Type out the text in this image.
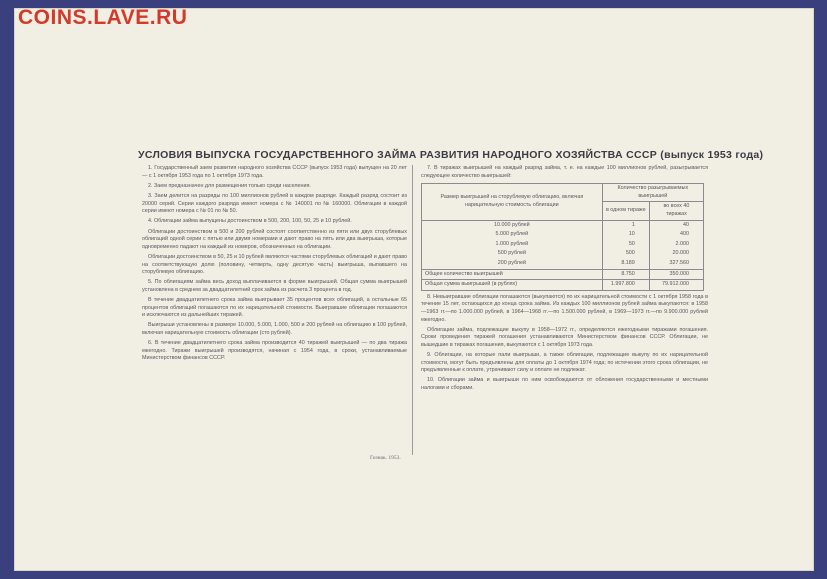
COINS.LAVE.RU
УСЛОВИЯ ВЫПУСКА ГОСУДАРСТВЕННОГО ЗАЙМА РАЗВИТИЯ НАРОДНОГО ХОЗЯЙСТВА СССР (выпуск 1953 года)

1. Государственный заем развития народного хозяйства СССР (выпуск 1953 года) выпущен на 20 лет — с 1 октября 1953 года по 1 октября 1973 года.

2. Заем предназначен для размещения только среди населения.

3. Заем делится на разряды по 100 миллионов рублей в каждом разряде. Каждый разряд состоит из 20000 серий. Серии каждого разряда имеют номера с № 140001 по № 160000. Облигации в каждой серии имеют номера с № 01 по № 50.

4. Облигации займа выпущены достоинством в 500, 200, 100, 50, 25 и 10 рублей.

Облигации достоинством в 500 и 200 рублей состоят соответственно из пяти или двух стоpублевых облигаций одной серии с пятью или двумя номерами и дают право на пять или два выигрыша, которые одновременно падают на каждый из номеров, обозначенных на облигации.

Облигации достоинством в 50, 25 и 10 рублей являются частями стоpублевых облигаций и дают право на соответствующую долю (половину, четверть, одну десятую часть) выигрыша, выпавшего на стоpублевую облигацию.

5. По облигациям займа весь доход выплачивается в форме выигрышей. Общая сумма выигрышей установлена в среднем за двадцатилетний срок займа из расчета 3 процента в год.

В течение двадцатилетнего срока займа выигрывает 35 процентов всех облигаций, а остальные 65 процентов облигаций погашаются по их нарицательной стоимости. Выигравшие облигации погашаются и исключаются из дальнейших тиражей.

Выигрыши установлены в размере 10.000, 5.000, 1.000, 500 и 200 рублей на облигацию в 100 рублей, включая нарицательную стоимость облигации (сто рублей).

6. В течение двадцатилетнего срока займа производится 40 тиражей выигрышей — по два тиража ежегодно. Тиражи выигрышей производятся, начиная с 1954 года, в сроки, устанавливаемые Министерством финансов СССР.

7. В тиражах выигрышей на каждый разряд займа, т. е. на каждые 100 миллионов рублей, разыгрывается следующее количество выигрышей:

Размер выигрышей на стоpублевую облигацию, включая нарицательную стоимость облигации	Количество разыгрываемых выигрышей	
	в одном тираже	во всех 40 тиражах
10.000 рублей	1	40
5.000 рублей	10	400
1.000 рублей	50	2.000
500 рублей	500	20.000
200 рублей	8.189	327.560
Общее количество выигрышей	8.750	350.000
Общая сумма выигрышей (в рублях)	1.997.800	79.912.000

8. Невыигравшие облигации погашаются (выкупаются) по их нарицательной стоимости с 1 октября 1958 года в течение 15 лет, остающихся до конца срока займа. Из каждых 100 миллионов рублей займа выкупаются: в 1958—1963 гг.—по 1.000.000 рублей, в 1964—1968 гг.—по 1.500.000 рублей, в 1969—1973 гг.—по 9.900.000 рублей ежегодно.

Облигации займа, подлежащие выкупу в 1958—1972 гг., определяются ежегодными тиражами погашения. Сроки проведения тиражей погашения устанавливаются Министерством финансов СССР. Облигации, не вышедшие в тиражах погашения, выкупаются с 1 октября 1973 года.

9. Облигации, на которые пали выигрыши, а также облигации, подлежащие выкупу по их нарицательной стоимости, могут быть предъявлены для оплаты до 1 октября 1974 года; по истечении этого срока облигации, не предъявленные к оплате, утрачивают силу и оплате не подлежат.

10. Облигации займа и выигрыши по ним освобождаются от обложения государственными и местными налогами и сборами.

Гознак. 1953.
